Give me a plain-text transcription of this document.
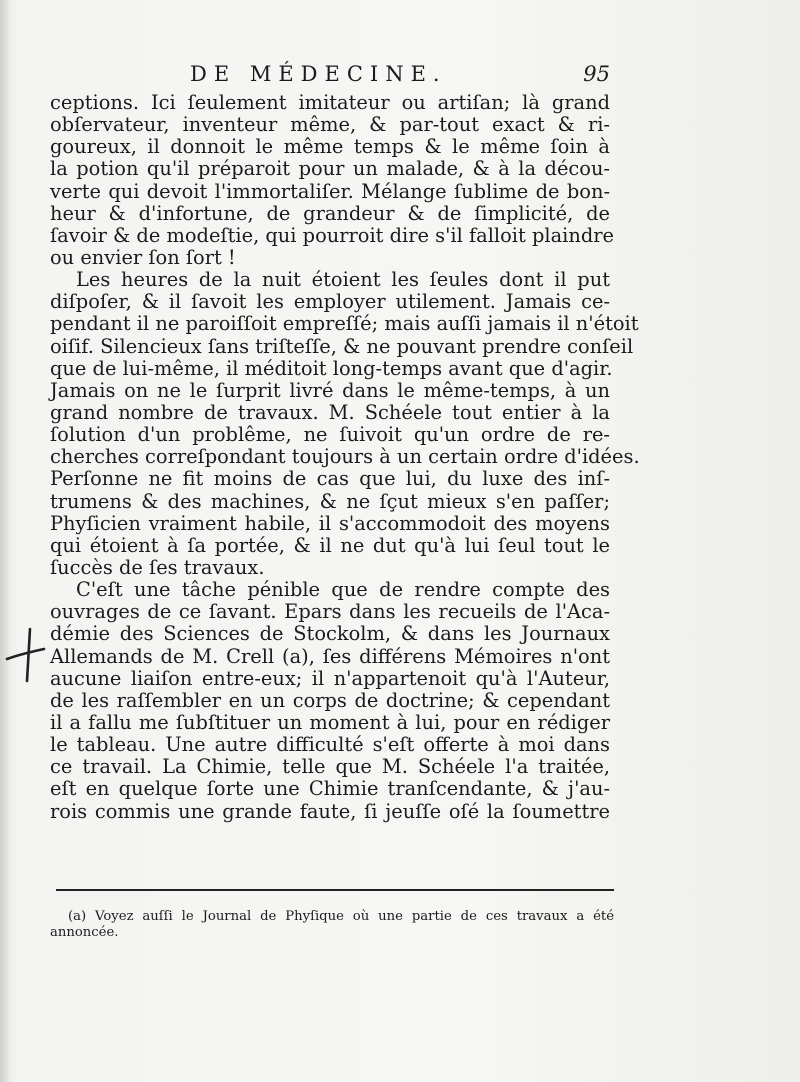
DE MÉDECINE.	95
ceptions. Ici ſeulement imitateur ou artiſan; là grand
obſervateur, inventeur même, & par-tout exact & ri-
goureux, il donnoit le même temps & le même ſoin à
la potion qu'il préparoit pour un malade, & à la décou-
verte qui devoit l'immortaliſer. Mélange ſublime de bon-
heur & d'infortune, de grandeur & de ſimplicité, de
ſavoir & de modeſtie, qui pourroit dire s'il falloit plaindre
ou envier ſon ſort !
Les heures de la nuit étoient les ſeules dont il put
diſpoſer, & il ſavoit les employer utilement. Jamais ce-
pendant il ne paroiſſoit empreſſé; mais auſſi jamais il n'étoit
oiſif. Silencieux ſans triſteſſe, & ne pouvant prendre conſeil
que de lui-même, il méditoit long-temps avant que d'agir.
Jamais on ne le ſurprit livré dans le même-temps, à un
grand nombre de travaux. M. Schéele tout entier à la
ſolution d'un problême, ne ſuivoit qu'un ordre de re-
cherches correſpondant toujours à un certain ordre d'idées.
Perſonne ne fit moins de cas que lui, du luxe des inſ-
trumens & des machines, & ne ſçut mieux s'en paſſer;
Phyſicien vraiment habile, il s'accommodoit des moyens
qui étoient à ſa portée, & il ne dut qu'à lui ſeul tout le
ſuccès de ſes travaux.
C'eſt une tâche pénible que de rendre compte des
ouvrages de ce ſavant. Epars dans les recueils de l'Aca-
démie des Sciences de Stockolm, & dans les Journaux
Allemands de M. Crell (a), ſes différens Mémoires n'ont
aucune liaiſon entre-eux; il n'appartenoit qu'à l'Auteur,
de les raſſembler en un corps de doctrine; & cependant
il a fallu me ſubſtituer un moment à lui, pour en rédiger
le tableau. Une autre difficulté s'eſt offerte à moi dans
ce travail. La Chimie, telle que M. Schéele l'a traitée,
eſt en quelque ſorte une Chimie tranſcendante, & j'au-
rois commis une grande faute, ſi jeuſſe oſé la ſoumettre
(a) Voyez auſſi le Journal de Phyſique où une partie de ces travaux a été
annoncée.
